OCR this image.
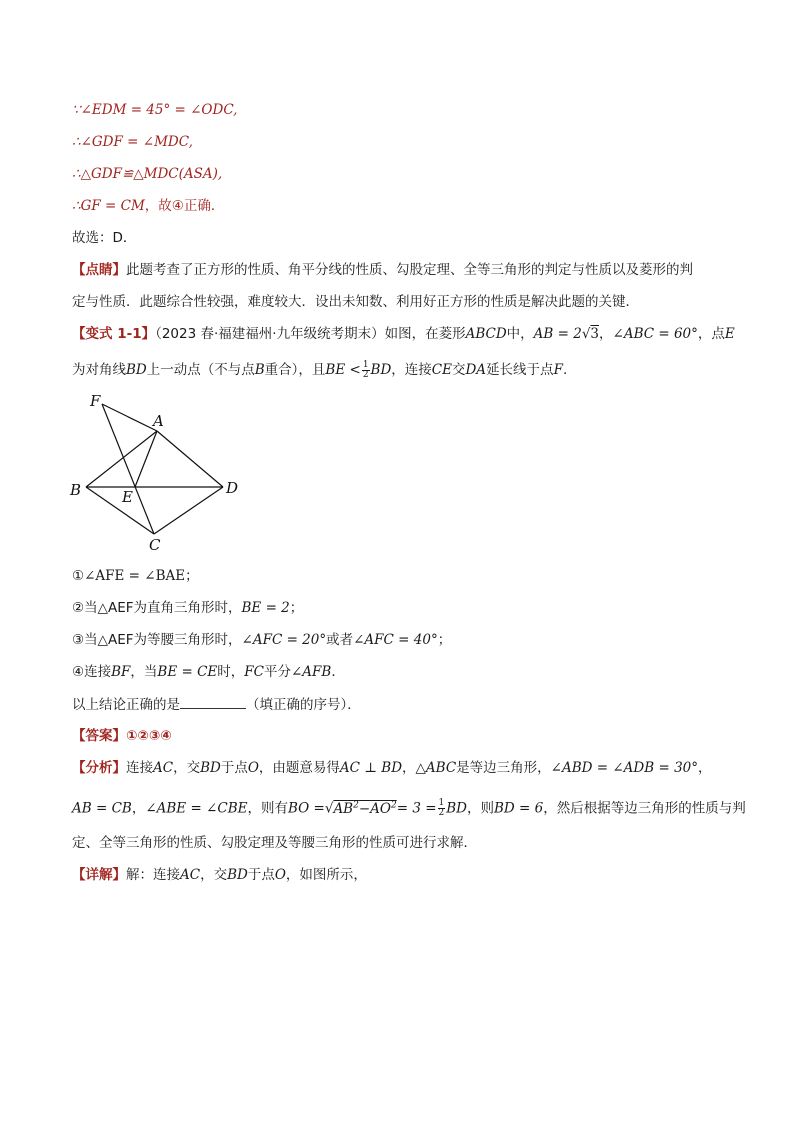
∵∠EDM = 45° = ∠ODC,
∴∠GDF = ∠MDC,
∴△GDF≌△MDC(ASA),
∴GF = CM，故④正确．
故选：D．
【点睛】此题考查了正方形的性质、角平分线的性质、勾股定理、全等三角形的判定与性质以及菱形的判
定与性质．此题综合性较强，难度较大．设出未知数、利用好正方形的性质是解决此题的关键．
【变式 1-1】（2023 春·福建福州·九年级统考期末）如图，在菱形ABCD中，AB = 2√3，∠ABC = 60°，点E
为对角线BD上一动点（不与点B重合），且BE < $\frac{1}{2}$ BD，连接CE交DA延长线于点F.
F
A
B	E	D
C
①∠AFE = ∠BAE；
②当△AEF为直角三角形时，BE = 2；
③当△AEF为等腰三角形时，∠AFC = 20°或者∠AFC = 40°；
④连接BF，当BE = CE时，FC平分∠AFB．
以上结论正确的是	（填正确的序号）．
【答案】①②③④
【分析】连接AC，交BD于点O，由题意易得AC ⊥ BD，△ABC是等边三角形，∠ABD = ∠ADB = 30°，
AB = CB，∠ABE = ∠CBE，则有BO $=√AB^2-AO^2= 3 = \frac{1}{2}$ BD，则BD = 6，然后根据等边三角形的性质与判
定、全等三角形的性质、勾股定理及等腰三角形的性质可进行求解．
【详解】解：连接AC，交BD于点O，如图所示，
